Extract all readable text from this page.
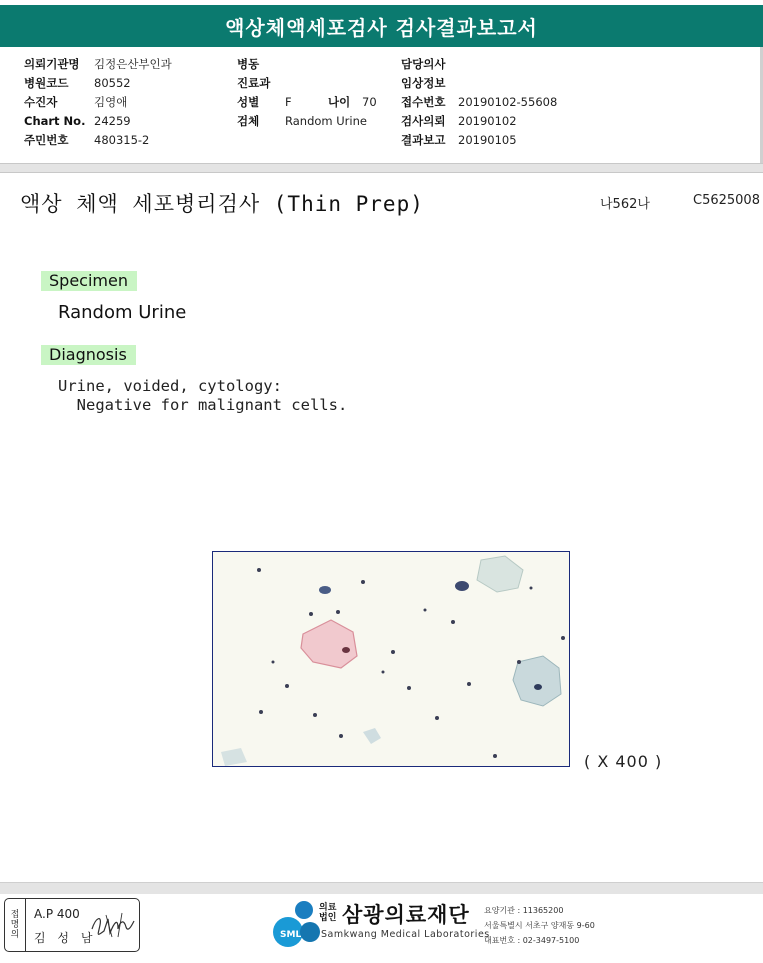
액상체액세포검사 검사결과보고서
의뢰기관명	김정은산부인과
병원코드	80552
수진자	김영애
Chart No. 24259
주민번호	480315-2
병동
진료과
성별	F	나이	70
검체	Random Urine
담당의사
임상정보
접수번호	20190102-55608
검사의뢰	20190102
결과보고	20190105
액상 체액 세포병리검사 (Thin Prep)	나562나	C5625008
Specimen
Random Urine
Diagnosis
Urine, voided, cytology:
Negative for malignant cells.
( X 400 )
접
명
의
A.P 400
김 성 남	SML
의료
법인 삼광의료재단
Samkwang Medical Laboratories
요양기관 : 11365200
서울특별시 서초구 양재동 9-60
대표번호 : 02-3497-5100
